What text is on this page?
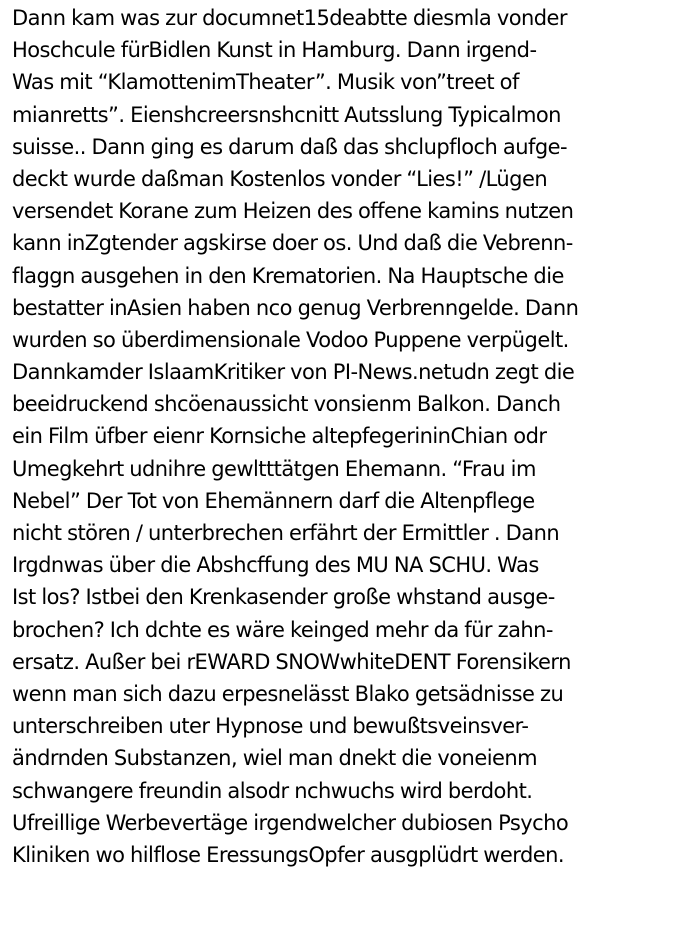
Dann kam was zur documnet15deabtte diesmla vonder
Hoschcule fürBidlen Kunst in Hamburg. Dann irgend-
Was mit “KlamottenimTheater”. Musik von”treet of
mianretts”. Eienshcreersnshcnitt Autsslung Typicalmon
suisse.. Dann ging es darum daß das shclupfloch aufge-
deckt wurde daßman Kostenlos vonder “Lies!” /Lügen
versendet Korane zum Heizen des offene kamins nutzen
kann inZgtender agskirse doer os. Und daß die Vebrenn-
flaggn ausgehen in den Krematorien. Na Hauptsche die
bestatter inAsien haben nco genug Verbrenngelde. Dann
wurden so überdimensionale Vodoo Puppene verpügelt.
Dannkamder IslaamKritiker von PI-News.netudn zegt die
beeidruckend shcöenaussicht vonsienm Balkon. Danch
ein Film üfber eienr Kornsiche altepfegerininChian odr
Umegkehrt udnihre gewltttätgen Ehemann. “Frau im
Nebel” Der Tot von Ehemännern darf die Altenpflege
nicht stören / unterbrechen erfährt der Ermittler . Dann
Irgdnwas über die Abshcffung des MU NA SCHU. Was
Ist los? Istbei den Krenkasender große whstand ausge-
brochen? Ich dchte es wäre keinged mehr da für zahn-
ersatz. Außer bei rEWARD SNOWwhiteDENT Forensikern
wenn man sich dazu erpesnelässt Blako getsädnisse zu
unterschreiben uter Hypnose und bewußtsveinsver-
ändrnden Substanzen, wiel man dnekt die voneienm
schwangere freundin alsodr nchwuchs wird berdoht.
Ufreillige Werbevertäge irgendwelcher dubiosen Psycho
Kliniken wo hilflose EressungsOpfer ausgplüdrt werden.
